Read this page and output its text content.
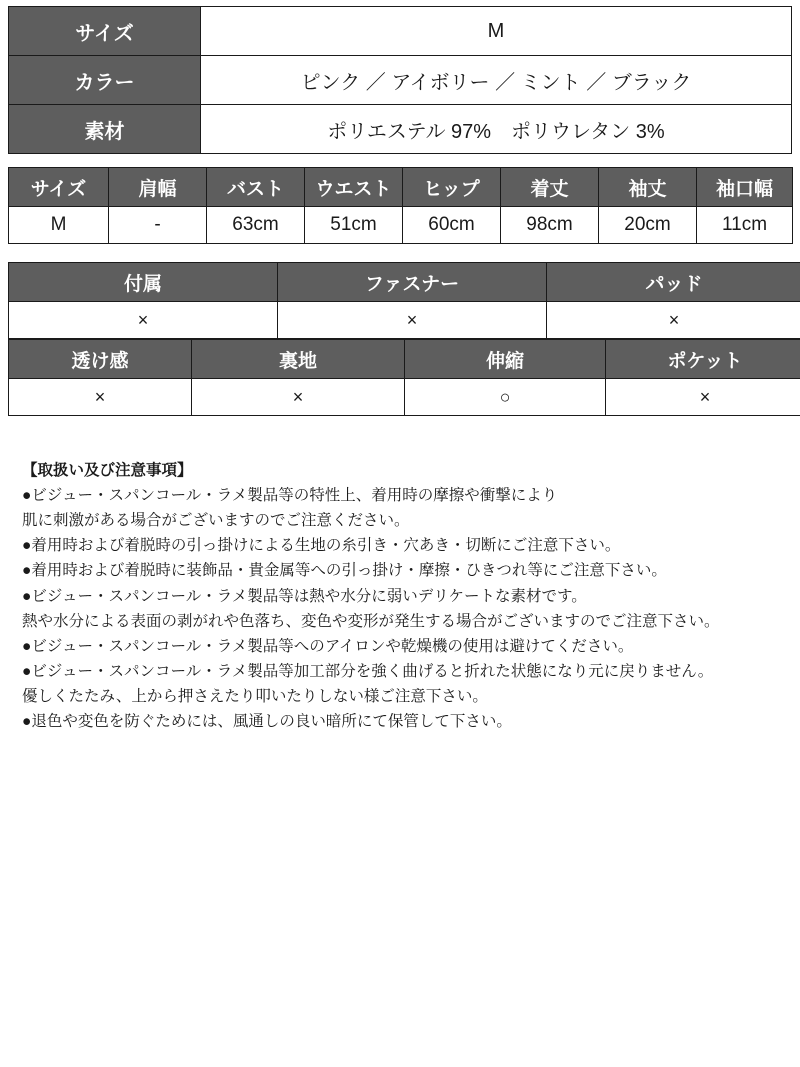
サイズ	M
カラー	ピンク ／ アイボリー ／ ミント ／ ブラック
素材	ポリエステル 97%　ポリウレタン 3%
サイズ	肩幅	バスト	ウエスト	ヒップ	着丈	袖丈	袖口幅
M	-	63cm	51cm	60cm	98cm	20cm	11cm
付属	ファスナー	パッド
×	×	×
透け感	裏地	伸縮	ポケット
×	×	○	×
【取扱い及び注意事項】
●ビジュー・スパンコール・ラメ製品等の特性上、着用時の摩擦や衝撃により
肌に刺激がある場合がございますのでご注意ください。
●着用時および着脱時の引っ掛けによる生地の糸引き・穴あき・切断にご注意下さい。
●着用時および着脱時に装飾品・貴金属等への引っ掛け・摩擦・ひきつれ等にご注意下さい。
●ビジュー・スパンコール・ラメ製品等は熱や水分に弱いデリケートな素材です。
熱や水分による表面の剥がれや色落ち、変色や変形が発生する場合がございますのでご注意下さい。
●ビジュー・スパンコール・ラメ製品等へのアイロンや乾燥機の使用は避けてください。
●ビジュー・スパンコール・ラメ製品等加工部分を強く曲げると折れた状態になり元に戻りません。
優しくたたみ、上から押さえたり叩いたりしない様ご注意下さい。
●退色や変色を防ぐためには、風通しの良い暗所にて保管して下さい。
